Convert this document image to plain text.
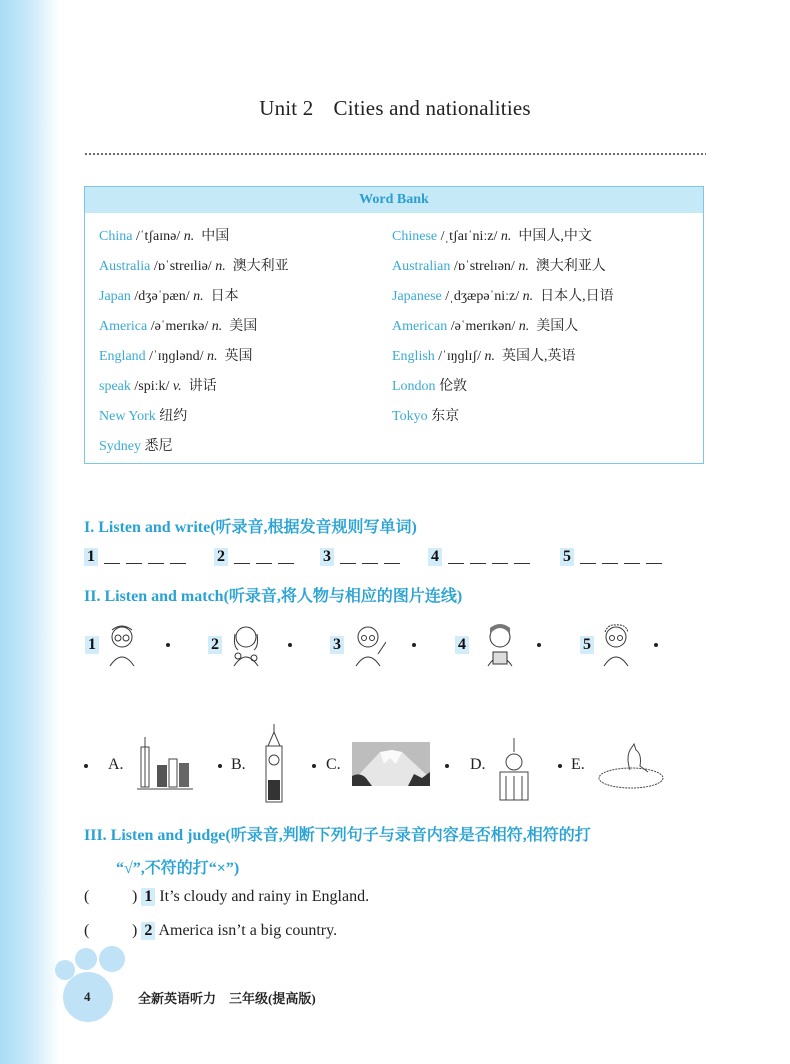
Unit 2 Cities and nationalities
Word Bank
China /ˈtʃaɪnə/ n. 中国
Australia /ɒˈstreɪliə/ n. 澳大利亚
Japan /dʒəˈpæn/ n. 日本
America /əˈmerɪkə/ n. 美国
England /ˈɪŋɡlənd/ n. 英国
speak /spiːk/ v. 讲话
New York 纽约
Sydney 悉尼
Chinese /ˌtʃaɪˈniːz/ n. 中国人,中文
Australian /ɒˈstrelɪən/ n. 澳大利亚人
Japanese /ˌdʒæpəˈniːz/ n. 日本人,日语
American /əˈmerɪkən/ n. 美国人
English /ˈɪŋɡlɪʃ/ n. 英国人,英语
London 伦敦
Tokyo 东京
I. Listen and write(听录音,根据发音规则写单词)
1	2	3	4	5
II. Listen and match(听录音,将人物与相应的图片连线)
1	2	3	4	5
A.	B.	C.	D.	E.
III. Listen and judge(听录音,判断下列句子与录音内容是否相符,相符的打
“√”,不符的打“×”)
(	) 1 It’s cloudy and rainy in England.
(	) 2 America isn’t a big country.
4	全新英语听力　三年级(提高版)
